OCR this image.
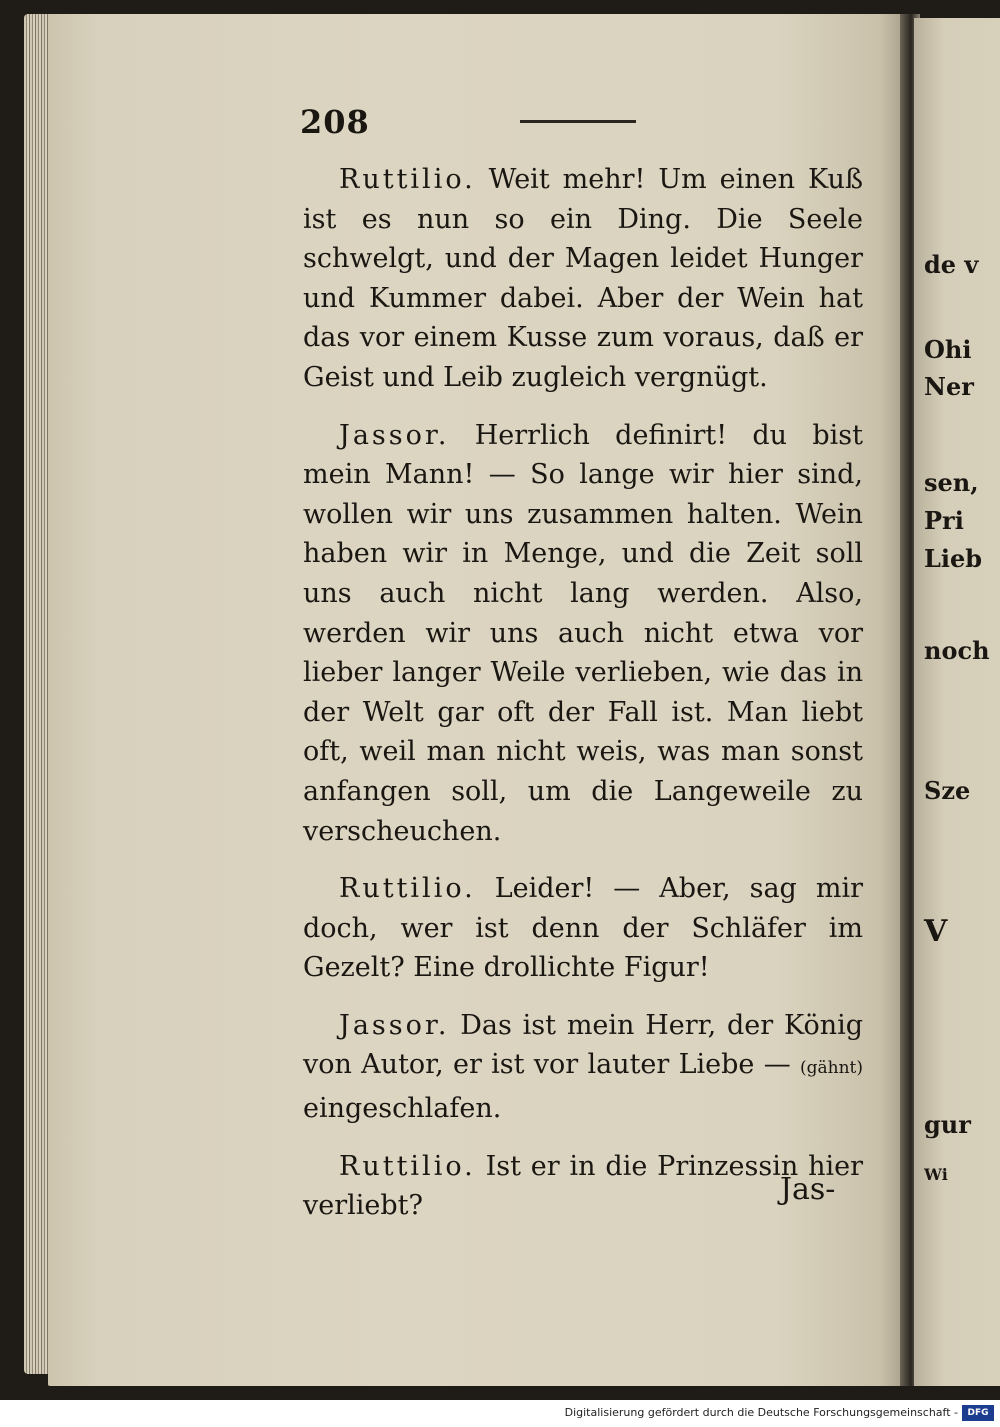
208

Ruttilio. Weit mehr! Um einen Kuß ist es nun so ein Ding. Die Seele schwelgt, und der Magen leidet Hunger und Kummer dabei. Aber der Wein hat das vor einem Kusse zum voraus, daß er Geist und Leib zugleich vergnügt.

Jassor. Herrlich definirt! du bist mein Mann! — So lange wir hier sind, wollen wir uns zusammen halten. Wein haben wir in Menge, und die Zeit soll uns auch nicht lang werden. Also, werden wir uns auch nicht etwa vor lieber langer Weile verlieben, wie das in der Welt gar oft der Fall ist. Man liebt oft, weil man nicht weis, was man sonst anfangen soll, um die Langeweile zu verscheuchen.

Ruttilio. Leider! — Aber, sag mir doch, wer ist denn der Schläfer im Gezelt? Eine drollichte Figur!

Jassor. Das ist mein Herr, der König von Autor, er ist vor lauter Liebe — (gähnt) eingeschlafen.

Ruttilio. Ist er in die Prinzessin hier verliebt?	Jas-
de v
Ohi
Ner
sen,
Pri
Lieb
noch
Sze
V
gur
Wi
Digitalisierung gefördert durch die Deutsche Forschungsgemeinschaft -	DFG
